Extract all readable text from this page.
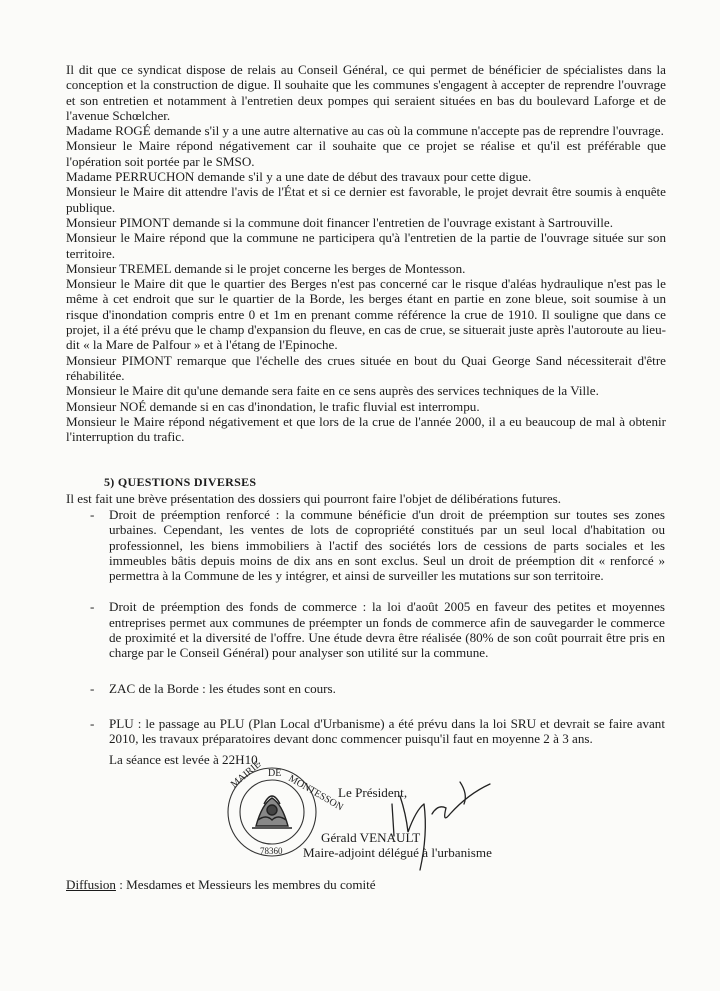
Il dit que ce syndicat dispose de relais au Conseil Général, ce qui permet de bénéficier de spécialistes dans la conception et la construction de digue. Il souhaite que les communes s'engagent à accepter de reprendre l'ouvrage et son entretien et notamment à l'entretien deux pompes qui seraient situées en bas du boulevard Laforge et de l'avenue Schœlcher.

Madame ROGÉ demande s'il y a une autre alternative au cas où la commune n'accepte pas de reprendre l'ouvrage.

Monsieur le Maire répond négativement car il souhaite que ce projet se réalise et qu'il est préférable que l'opération soit portée par le SMSO.

Madame PERRUCHON demande s'il y a une date de début des travaux pour cette digue.

Monsieur le Maire dit attendre l'avis de l'État et si ce dernier est favorable, le projet devrait être soumis à enquête publique.

Monsieur PIMONT demande si la commune doit financer l'entretien de l'ouvrage existant à Sartrouville.

Monsieur le Maire répond que la commune ne participera qu'à l'entretien de la partie de l'ouvrage située sur son territoire.

Monsieur TREMEL demande si le projet concerne les berges de Montesson.

Monsieur le Maire dit que le quartier des Berges n'est pas concerné car le risque d'aléas hydraulique n'est pas le même à cet endroit que sur le quartier de la Borde, les berges étant en partie en zone bleue, soit soumise à un risque d'inondation compris entre 0 et 1m en prenant comme référence la crue de 1910. Il souligne que dans ce projet, il a été prévu que le champ d'expansion du fleuve, en cas de crue, se situerait juste après l'autoroute au lieu-dit « la Mare de Palfour » et à l'étang de l'Epinoche.

Monsieur PIMONT remarque que l'échelle des crues située en bout du Quai George Sand nécessiterait d'être réhabilitée.

Monsieur le Maire dit qu'une demande sera faite en ce sens auprès des services techniques de la Ville.

Monsieur NOÉ demande si en cas d'inondation, le trafic fluvial est interrompu.

Monsieur le Maire répond négativement et que lors de la crue de l'année 2000, il a eu beaucoup de mal à obtenir l'interruption du trafic.

5) QUESTIONS DIVERSES
Il est fait une brève présentation des dossiers qui pourront faire l'objet de délibérations futures.
- Droit de préemption renforcé : la commune bénéficie d'un droit de préemption sur toutes ses zones urbaines. Cependant, les ventes de lots de copropriété constitués par un seul local d'habitation ou professionnel, les biens immobiliers à l'actif des sociétés lors de cessions de parts sociales et les immeubles bâtis depuis moins de dix ans en sont exclus. Seul un droit de préemption dit « renforcé » permettra à la Commune de les y intégrer, et ainsi de surveiller les mutations sur son territoire.
- Droit de préemption des fonds de commerce : la loi d'août 2005 en faveur des petites et moyennes entreprises permet aux communes de préempter un fonds de commerce afin de sauvegarder le commerce de proximité et la diversité de l'offre. Une étude devra être réalisée (80% de son coût pourrait être pris en charge par le Conseil Général) pour analyser son utilité sur la commune.
- ZAC de la Borde : les études sont en cours.
- PLU : le passage au PLU (Plan Local d'Urbanisme) a été prévu dans la loi SRU et devrait se faire avant 2010, les travaux préparatoires devant donc commencer puisqu'il faut en moyenne 2 à 3 ans.
La séance est levée à 22H10.
MAIRIE DE MONTESSON
78360
Le Président,
Gérald VENAULT
Maire-adjoint délégué à l'urbanisme
Diffusion : Mesdames et Messieurs les membres du comité
